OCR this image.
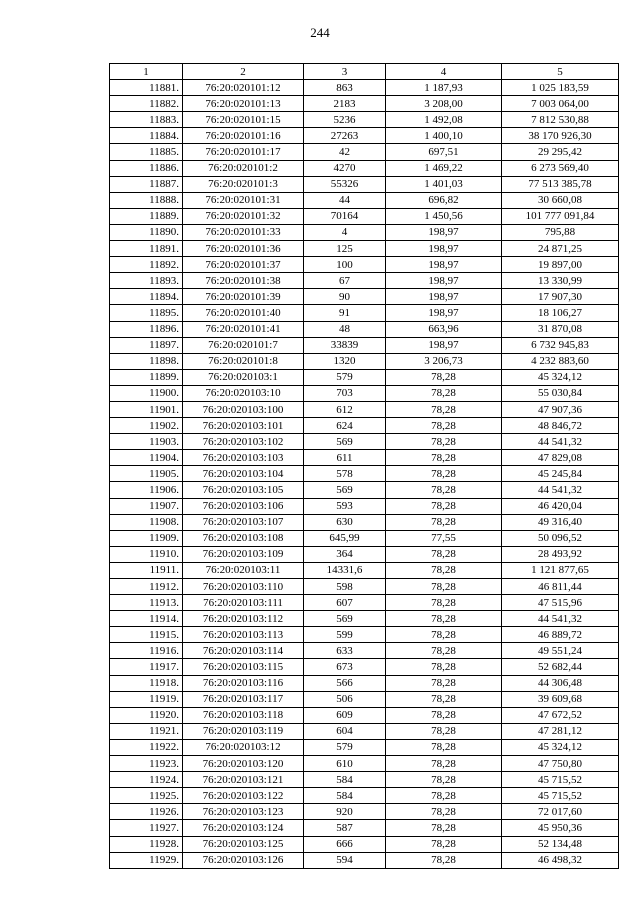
244
1	2	3	4	5
11881.	76:20:020101:12	863	1 187,93	1 025 183,59
11882.	76:20:020101:13	2183	3 208,00	7 003 064,00
11883.	76:20:020101:15	5236	1 492,08	7 812 530,88
11884.	76:20:020101:16	27263	1 400,10	38 170 926,30
11885.	76:20:020101:17	42	697,51	29 295,42
11886.	76:20:020101:2	4270	1 469,22	6 273 569,40
11887.	76:20:020101:3	55326	1 401,03	77 513 385,78
11888.	76:20:020101:31	44	696,82	30 660,08
11889.	76:20:020101:32	70164	1 450,56	101 777 091,84
11890.	76:20:020101:33	4	198,97	795,88
11891.	76:20:020101:36	125	198,97	24 871,25
11892.	76:20:020101:37	100	198,97	19 897,00
11893.	76:20:020101:38	67	198,97	13 330,99
11894.	76:20:020101:39	90	198,97	17 907,30
11895.	76:20:020101:40	91	198,97	18 106,27
11896.	76:20:020101:41	48	663,96	31 870,08
11897.	76:20:020101:7	33839	198,97	6 732 945,83
11898.	76:20:020101:8	1320	3 206,73	4 232 883,60
11899.	76:20:020103:1	579	78,28	45 324,12
11900.	76:20:020103:10	703	78,28	55 030,84
11901.	76:20:020103:100	612	78,28	47 907,36
11902.	76:20:020103:101	624	78,28	48 846,72
11903.	76:20:020103:102	569	78,28	44 541,32
11904.	76:20:020103:103	611	78,28	47 829,08
11905.	76:20:020103:104	578	78,28	45 245,84
11906.	76:20:020103:105	569	78,28	44 541,32
11907.	76:20:020103:106	593	78,28	46 420,04
11908.	76:20:020103:107	630	78,28	49 316,40
11909.	76:20:020103:108	645,99	77,55	50 096,52
11910.	76:20:020103:109	364	78,28	28 493,92
11911.	76:20:020103:11	14331,6	78,28	1 121 877,65
11912.	76:20:020103:110	598	78,28	46 811,44
11913.	76:20:020103:111	607	78,28	47 515,96
11914.	76:20:020103:112	569	78,28	44 541,32
11915.	76:20:020103:113	599	78,28	46 889,72
11916.	76:20:020103:114	633	78,28	49 551,24
11917.	76:20:020103:115	673	78,28	52 682,44
11918.	76:20:020103:116	566	78,28	44 306,48
11919.	76:20:020103:117	506	78,28	39 609,68
11920.	76:20:020103:118	609	78,28	47 672,52
11921.	76:20:020103:119	604	78,28	47 281,12
11922.	76:20:020103:12	579	78,28	45 324,12
11923.	76:20:020103:120	610	78,28	47 750,80
11924.	76:20:020103:121	584	78,28	45 715,52
11925.	76:20:020103:122	584	78,28	45 715,52
11926.	76:20:020103:123	920	78,28	72 017,60
11927.	76:20:020103:124	587	78,28	45 950,36
11928.	76:20:020103:125	666	78,28	52 134,48
11929.	76:20:020103:126	594	78,28	46 498,32
